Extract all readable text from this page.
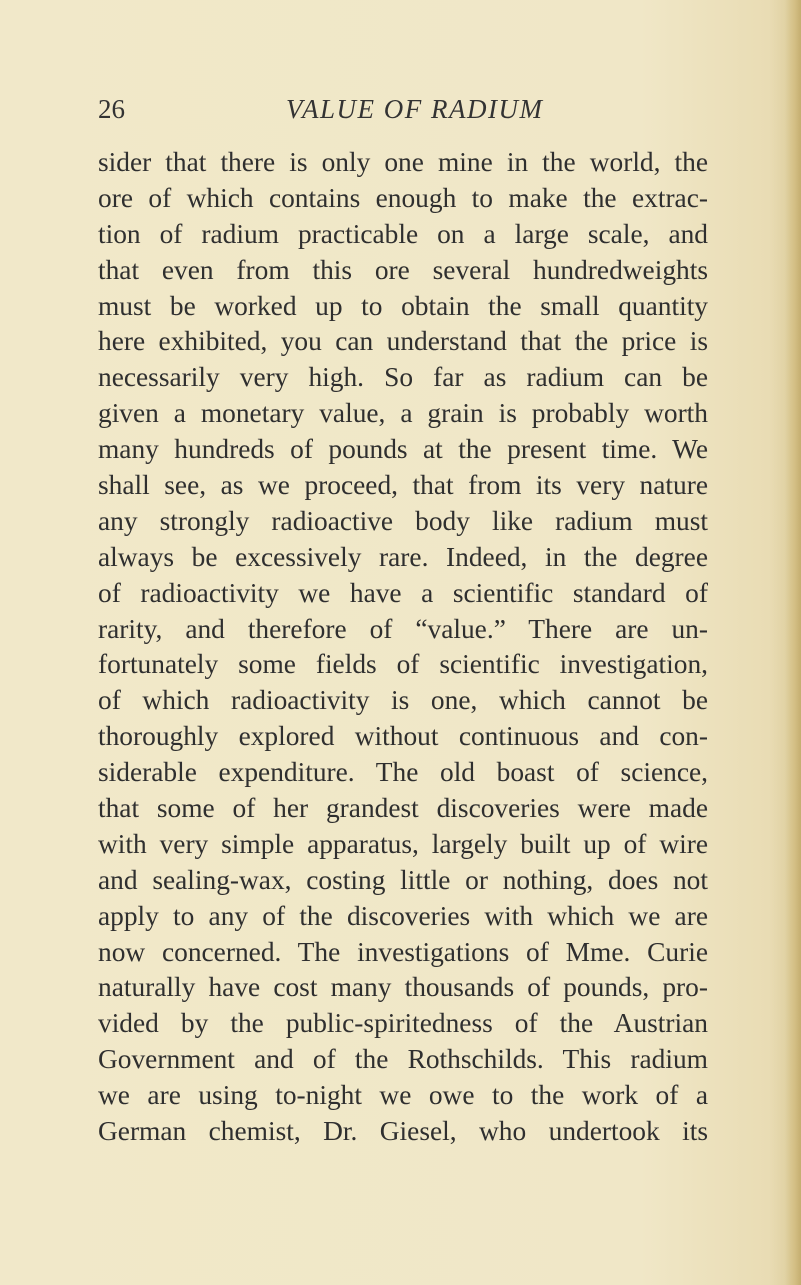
26	VALUE OF RADIUM
sider that there is only one mine in the world, the
ore of which contains enough to make the extrac-
tion of radium practicable on a large scale, and
that even from this ore several hundredweights
must be worked up to obtain the small quantity
here exhibited, you can understand that the price is
necessarily very high. So far as radium can be
given a monetary value, a grain is probably worth
many hundreds of pounds at the present time. We
shall see, as we proceed, that from its very nature
any strongly radioactive body like radium must
always be excessively rare. Indeed, in the degree
of radioactivity we have a scientific standard of
rarity, and therefore of “value.” There are un-
fortunately some fields of scientific investigation,
of which radioactivity is one, which cannot be
thoroughly explored without continuous and con-
siderable expenditure. The old boast of science,
that some of her grandest discoveries were made
with very simple apparatus, largely built up of wire
and sealing-wax, costing little or nothing, does not
apply to any of the discoveries with which we are
now concerned. The investigations of Mme. Curie
naturally have cost many thousands of pounds, pro-
vided by the public-spiritedness of the Austrian
Government and of the Rothschilds. This radium
we are using to-night we owe to the work of a
German chemist, Dr. Giesel, who undertook its
